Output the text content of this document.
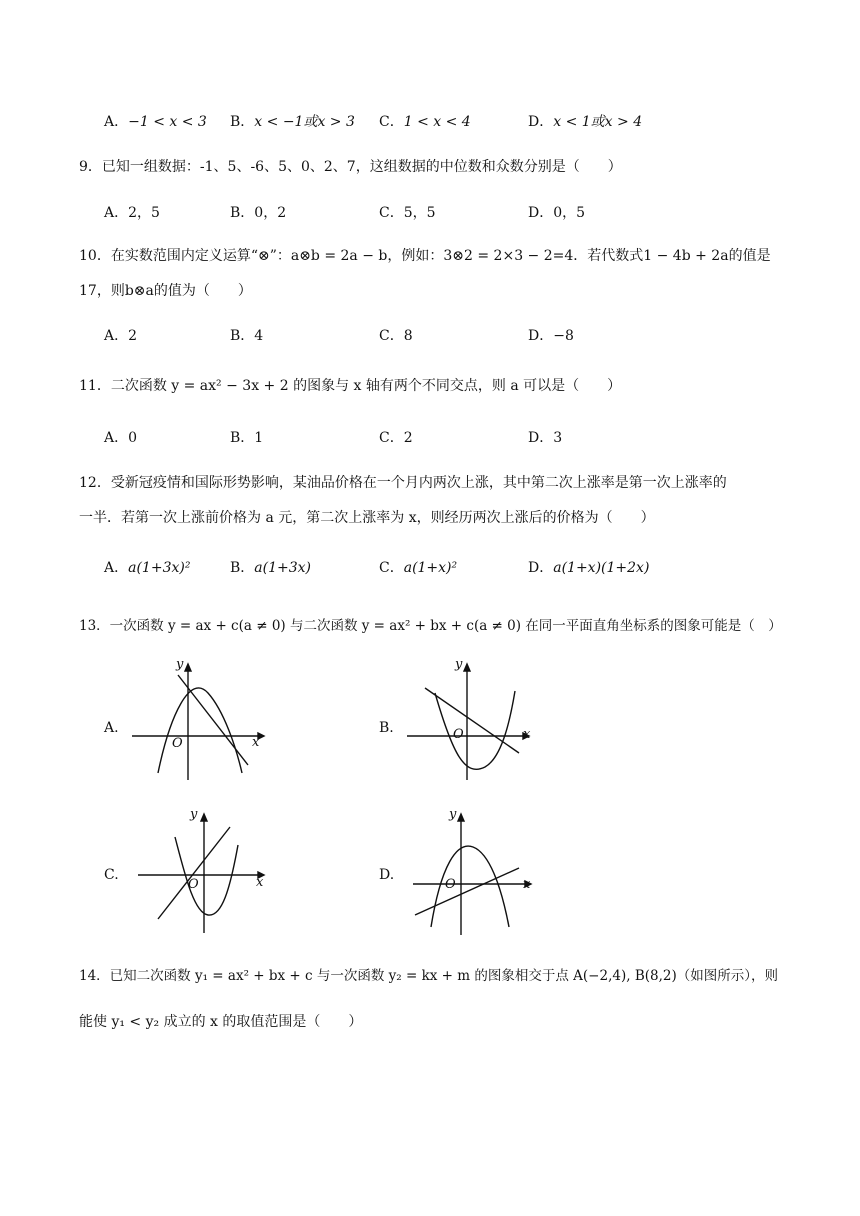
A．−1 < x < 3 B．x < −1或x > 3 C．1 < x < 4	D．x < 1或x > 4
9．已知一组数据：-1、5、-6、5、0、2、7，这组数据的中位数和众数分别是（　　）
A．2，5	B．0，2	C．5，5	D．0，5
10．在实数范围内定义运算“⊗”：a⊗b = 2a − b，例如：3⊗2 = 2×3 − 2=4．若代数式1 − 4b + 2a的值是
17，则b⊗a的值为（　　）
A．2	B．4	C．8	D．−8
11．二次函数 y = ax² − 3x + 2 的图象与 x 轴有两个不同交点，则 a 可以是（　　）
A．0	B．1	C．2	D．3
12．受新冠疫情和国际形势影响，某油品价格在一个月内两次上涨，其中第二次上涨率是第一次上涨率的
一半．若第一次上涨前价格为 a 元，第二次上涨率为 x，则经历两次上涨后的价格为（　　）
A．a(1+3x)²	B．a(1+3x)	C．a(1+x)²	D．a(1+x)(1+2x)
13．一次函数 y = ax + c(a ≠ 0) 与二次函数 y = ax² + bx + c(a ≠ 0) 在同一平面直角坐标系的图象可能是（　）
A.
y
x
O
B.
y
x
O
C.
y
x
O
D.
y
x
O
14．已知二次函数 y₁ = ax² + bx + c 与一次函数 y₂ = kx + m 的图象相交于点 A(−2,4), B(8,2)（如图所示），则
能使 y₁ < y₂ 成立的 x 的取值范围是（　　）
